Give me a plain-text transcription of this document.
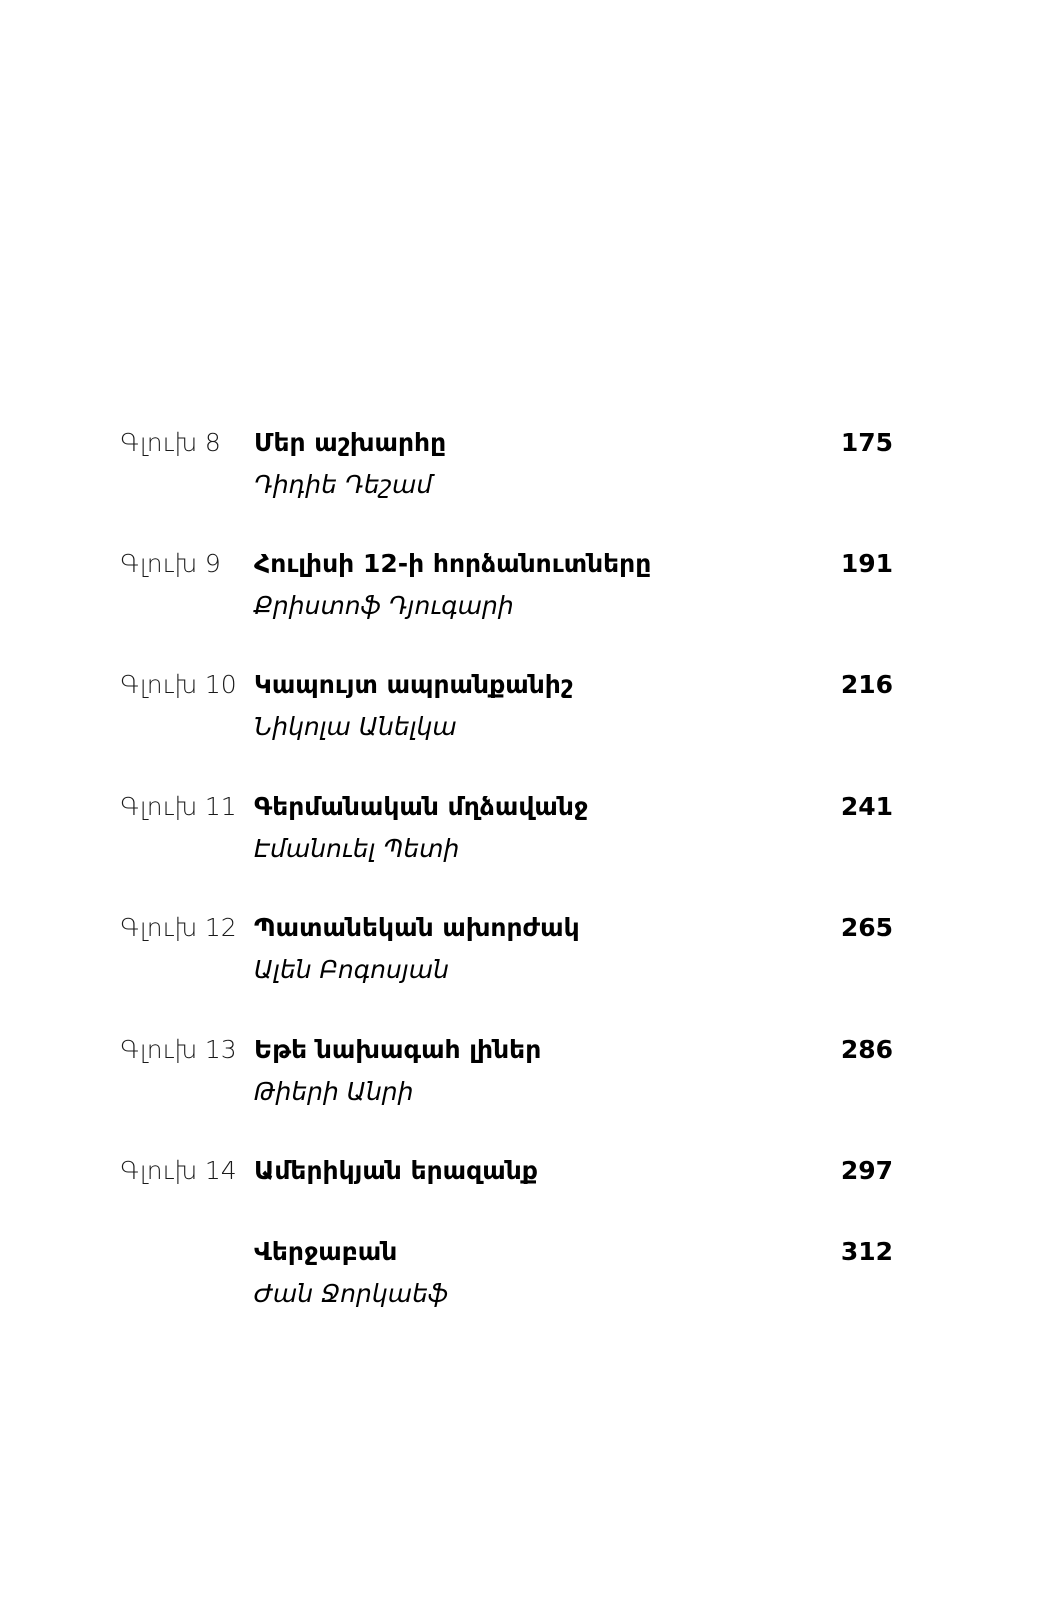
Գլուխ 8 Մեր աշխարհը
Դիդիե Դեշամ
175
Գլուխ 9 Հուլիսի 12-ի հորձանուտները
Քրիստոֆ Դյուգարի
191
Գլուխ 10 Կապույտ ապրանքանիշ
Նիկոլա Անելկա
216
Գլուխ 11 Գերմանական մղձավանջ
Էմանուել Պետի
241
Գլուխ 12 Պատանեկան ախորժակ
Ալեն Բոգոսյան
265
Գլուխ 13 Եթե նախագահ լիներ
Թիերի Անրի
286
Գլուխ 14 Ամերիկյան երազանք	297
Վերջաբան
Ժան Ջորկաեֆ
312
